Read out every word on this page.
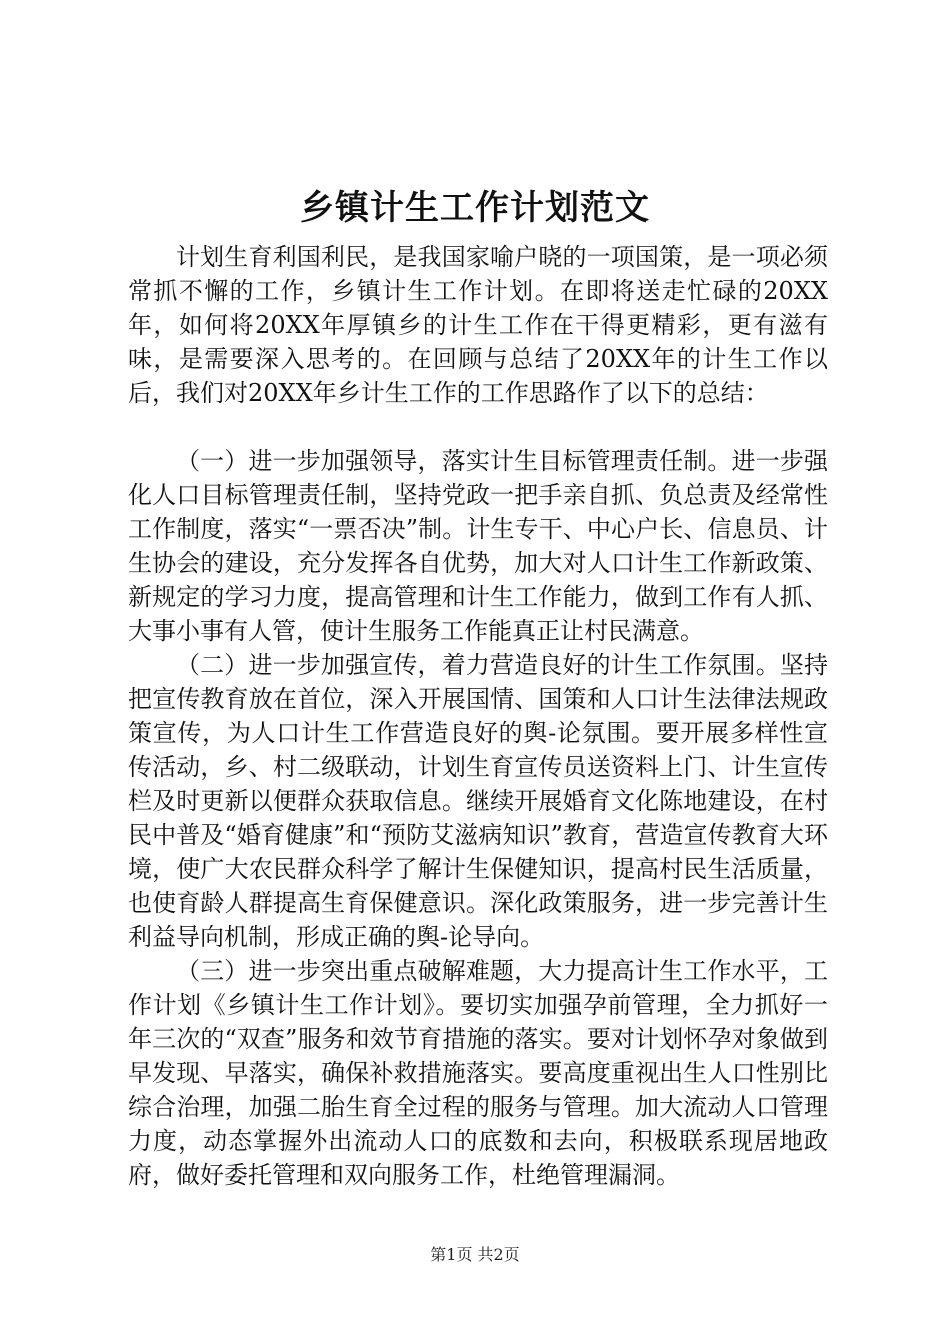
乡镇计生工作计划范文

计划生育利国利民，是我国家喻户晓的一项国策，是一项必须常抓不懈的工作，乡镇计生工作计划。在即将送走忙碌的20XX年，如何将20XX年厚镇乡的计生工作在干得更精彩，更有滋有味，是需要深入思考的。在回顾与总结了20XX年的计生工作以后，我们对20XX年乡计生工作的工作思路作了以下的总结：

（一）进一步加强领导，落实计生目标管理责任制。进一步强化人口目标管理责任制，坚持党政一把手亲自抓、负总责及经常性工作制度，落实“一票否决”制。计生专干、中心户长、信息员、计生协会的建设，充分发挥各自优势，加大对人口计生工作新政策、新规定的学习力度，提高管理和计生工作能力，做到工作有人抓、大事小事有人管，使计生服务工作能真正让村民满意。

（二）进一步加强宣传，着力营造良好的计生工作氛围。坚持把宣传教育放在首位，深入开展国情、国策和人口计生法律法规政策宣传，为人口计生工作营造良好的舆-论氛围。要开展多样性宣传活动，乡、村二级联动，计划生育宣传员送资料上门、计生宣传栏及时更新以便群众获取信息。继续开展婚育文化陈地建设，在村民中普及“婚育健康”和“预防艾滋病知识”教育，营造宣传教育大环境，使广大农民群众科学了解计生保健知识，提高村民生活质量，也使育龄人群提高生育保健意识。深化政策服务，进一步完善计生利益导向机制，形成正确的舆-论导向。

（三）进一步突出重点破解难题，大力提高计生工作水平，工作计划《乡镇计生工作计划》。要切实加强孕前管理，全力抓好一年三次的“双查”服务和效节育措施的落实。要对计划怀孕对象做到早发现、早落实，确保补救措施落实。要高度重视出生人口性别比综合治理，加强二胎生育全过程的服务与管理。加大流动人口管理力度，动态掌握外出流动人口的底数和去向，积极联系现居地政府，做好委托管理和双向服务工作，杜绝管理漏洞。

第1页 共2页
